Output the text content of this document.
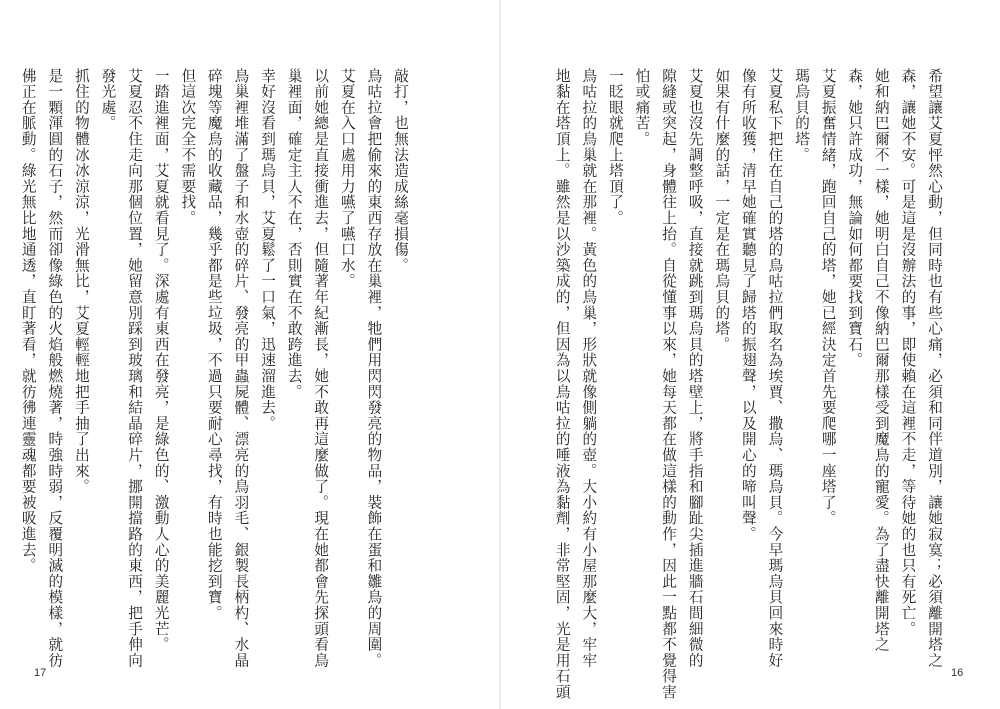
希望讓艾夏怦然心動，但同時也有些心痛，必須和同伴道別，讓她寂寞；必須離開塔之
森，讓她不安。可是這是沒辦法的事，即使賴在這裡不走，等待她的也只有死亡。
她和納巴爾不一樣，她明白自己不像納巴爾那樣受到魔鳥的寵愛。為了盡快離開塔之
森，她只許成功，無論如何都要找到寶石。
艾夏振奮情緒，跑回自己的塔，她已經決定首先要爬哪一座塔了。
瑪烏貝的塔。
艾夏私下把住在自己的塔的鳥咕拉們取名為埃賈、撒烏、瑪烏貝。今早瑪烏貝回來時好
像有所收獲，清早她確實聽見了歸塔的振翅聲，以及開心的啼叫聲。
如果有什麼的話，一定是在瑪烏貝的塔。
艾夏也沒先調整呼吸，直接就跳到瑪烏貝的塔壁上，將手指和腳趾尖插進牆石間細微的
隙縫或突起，身體往上抬。自從懂事以來，她每天都在做這樣的動作，因此一點都不覺得害
怕或痛苦。
一眨眼就爬上塔頂了。
鳥咕拉的鳥巢就在那裡。黃色的鳥巢，形狀就像側躺的壺。大小約有小屋那麼大，牢牢
地黏在塔頂上。雖然是以沙築成的，但因為以鳥咕拉的唾液為黏劑，非常堅固，光是用石頭	16
敲打，也無法造成絲毫損傷。
鳥咕拉會把偷來的東西存放在巢裡，牠們用閃閃發亮的物品，裝飾在蛋和雛鳥的周圍。
艾夏在入口處用力嚥了嚥口水。
以前她總是直接衝進去，但隨著年紀漸長，她不敢再這麼做了。現在她都會先探頭看鳥
巢裡面，確定主人不在，否則實在不敢跨進去。
幸好沒看到瑪烏貝，艾夏鬆了一口氣，迅速溜進去。
鳥巢裡堆滿了盤子和水壺的碎片、發亮的甲蟲屍體、漂亮的鳥羽毛、銀製長柄杓、水晶
碎塊等魔鳥的收藏品，幾乎都是些垃圾，不過只要耐心尋找，有時也能挖到寶。
但這次完全不需要找。
一踏進裡面，艾夏就看見了。深處有東西在發亮，是綠色的、激動人心的美麗光芒。
艾夏忍不住走向那個位置，她留意別踩到玻璃和結晶碎片，挪開擋路的東西，把手伸向
發光處。
抓住的物體冰冰涼涼，光滑無比，艾夏輕輕地把手抽了出來。
是一顆渾圓的石子，然而卻像綠色的火焰般燃燒著，時強時弱，反覆明滅的模樣，就彷
佛正在脈動。綠光無比地通透，直盯著看，就彷彿連靈魂都要被吸進去。
17
